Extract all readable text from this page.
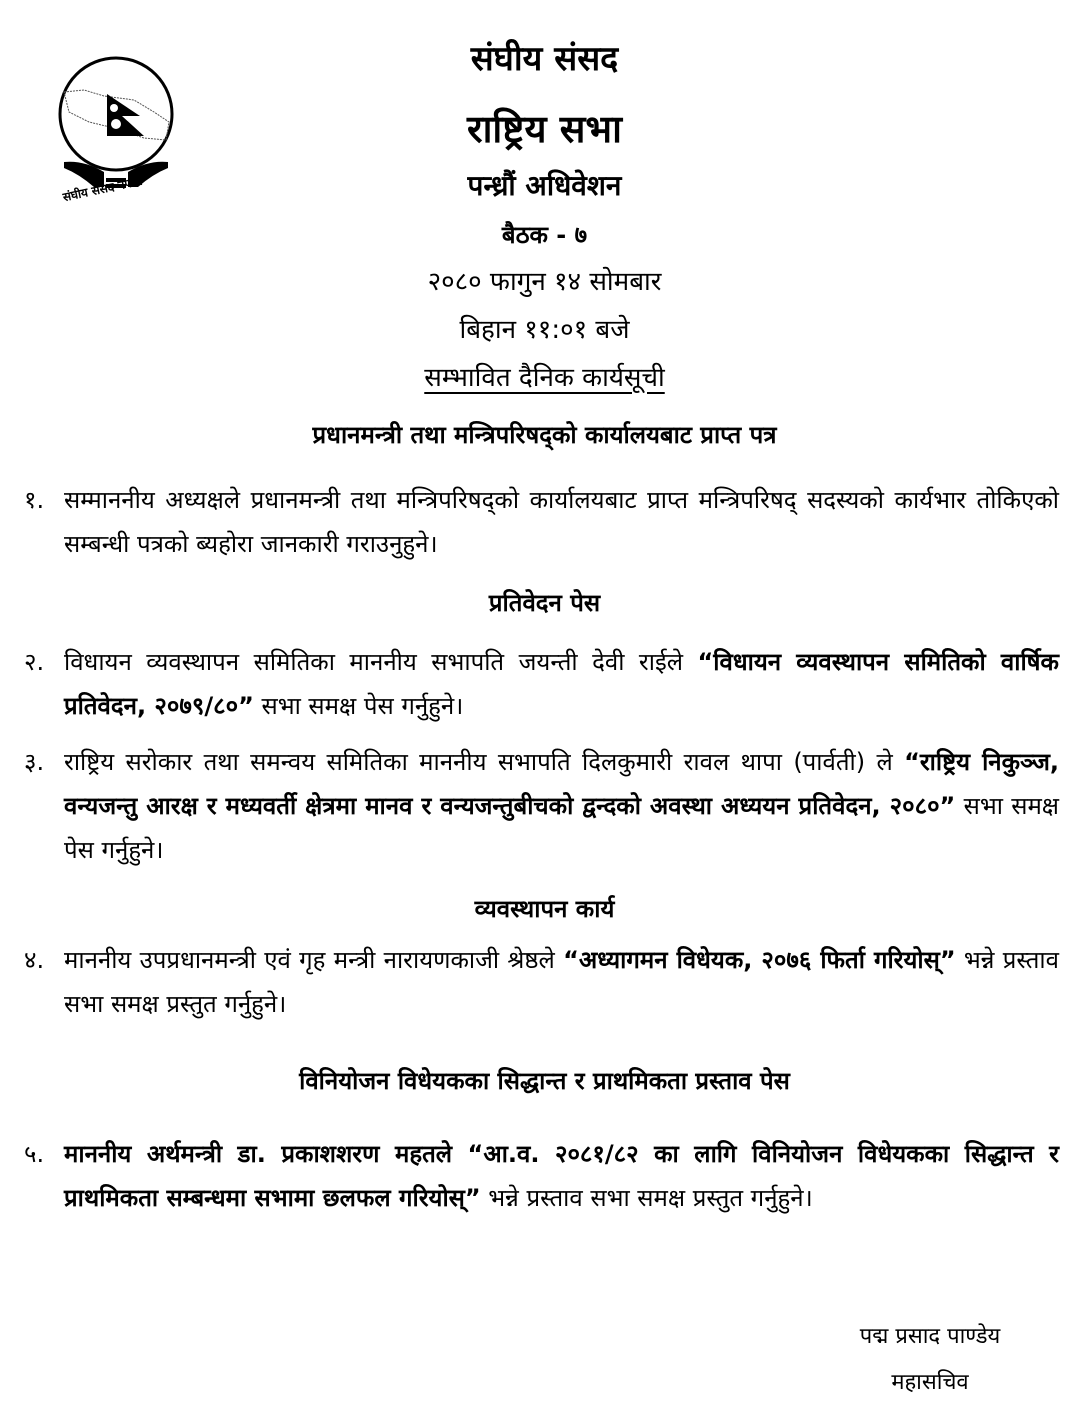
संघीय संसद नेपाल
संघीय संसद
राष्ट्रिय सभा
पन्ध्रौं अधिवेशन
बैठक - ७
२०८० फागुन १४ सोमबार
बिहान ११:०१ बजे
सम्भावित दैनिक कार्यसूची
प्रधानमन्त्री तथा मन्त्रिपरिषद्को कार्यालयबाट प्राप्त पत्र
१. सम्माननीय अध्यक्षले प्रधानमन्त्री तथा मन्त्रिपरिषद्को कार्यालयबाट प्राप्त मन्त्रिपरिषद् सदस्यको कार्यभार तोकिएको सम्बन्धी पत्रको ब्यहोरा जानकारी गराउनुहुने।
प्रतिवेदन पेस
२. विधायन व्यवस्थापन समितिका माननीय सभापति जयन्ती देवी राईले “विधायन व्यवस्थापन समितिको वार्षिक प्रतिवेदन, २०७९/८०” सभा समक्ष पेस गर्नुहुने।
३. राष्ट्रिय सरोकार तथा समन्वय समितिका माननीय सभापति दिलकुमारी रावल थापा (पार्वती) ले “राष्ट्रिय निकुञ्ज, वन्यजन्तु आरक्ष र मध्यवर्ती क्षेत्रमा मानव र वन्यजन्तुबीचको द्वन्दको अवस्था अध्ययन प्रतिवेदन, २०८०” सभा समक्ष पेस गर्नुहुने।
व्यवस्थापन कार्य
४. माननीय उपप्रधानमन्त्री एवं गृह मन्त्री नारायणकाजी श्रेष्ठले “अध्यागमन विधेयक, २०७६ फिर्ता गरियोस्” भन्ने प्रस्ताव सभा समक्ष प्रस्तुत गर्नुहुने।
विनियोजन विधेयकका सिद्धान्त र प्राथमिकता प्रस्ताव पेस
५. माननीय अर्थमन्त्री डा. प्रकाशशरण महतले “आ.व. २०८१/८२ का लागि विनियोजन विधेयकका सिद्धान्त र प्राथमिकता सम्बन्धमा सभामा छलफल गरियोस्” भन्ने प्रस्ताव सभा समक्ष प्रस्तुत गर्नुहुने।
पद्म प्रसाद पाण्डेय
महासचिव
